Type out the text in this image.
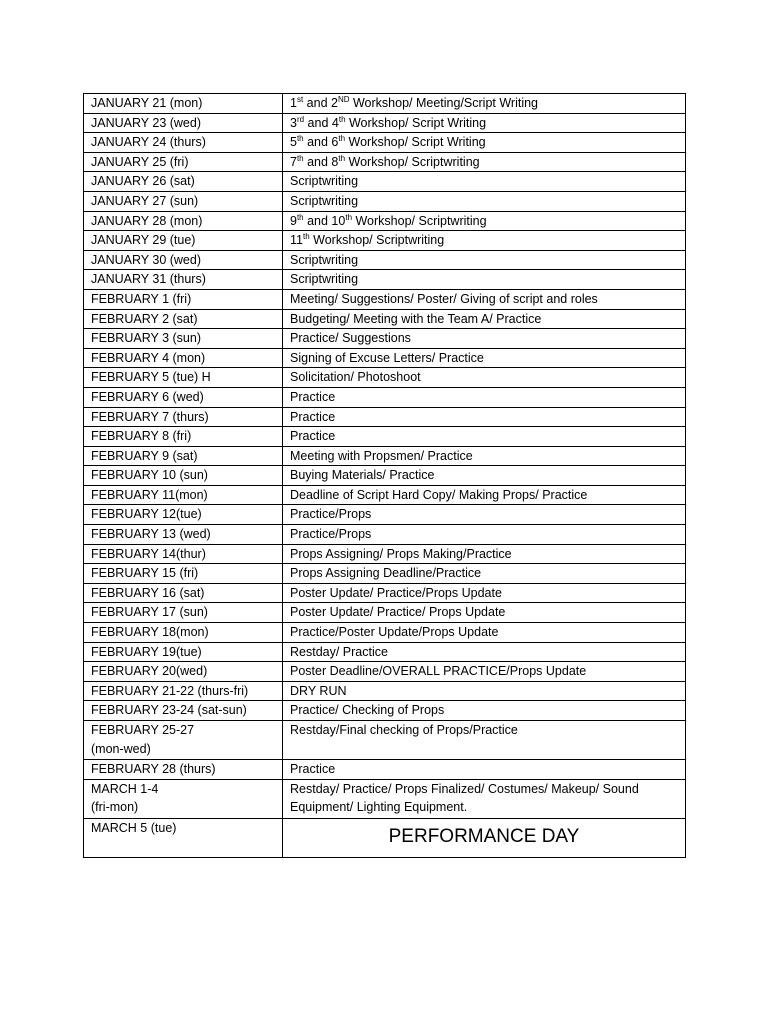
JANUARY 21 (mon)	1st and 2ND Workshop/ Meeting/Script Writing
JANUARY 23 (wed)	3rd and 4th Workshop/ Script Writing
JANUARY 24 (thurs)	5th and 6th Workshop/ Script Writing
JANUARY 25 (fri)	7th and 8th Workshop/ Scriptwriting
JANUARY 26 (sat)	Scriptwriting
JANUARY 27 (sun)	Scriptwriting
JANUARY 28 (mon)	9th and 10th Workshop/ Scriptwriting
JANUARY 29 (tue)	11th Workshop/ Scriptwriting
JANUARY 30 (wed)	Scriptwriting
JANUARY 31 (thurs)	Scriptwriting
FEBRUARY 1 (fri)	Meeting/ Suggestions/ Poster/ Giving of script and roles
FEBRUARY 2 (sat)	Budgeting/ Meeting with the Team A/ Practice
FEBRUARY 3 (sun)	Practice/ Suggestions
FEBRUARY 4 (mon)	Signing of Excuse Letters/ Practice
FEBRUARY 5 (tue) H	Solicitation/ Photoshoot
FEBRUARY 6 (wed)	Practice
FEBRUARY 7 (thurs)	Practice
FEBRUARY 8 (fri)	Practice
FEBRUARY 9 (sat)	Meeting with Propsmen/ Practice
FEBRUARY 10 (sun)	Buying Materials/ Practice
FEBRUARY 11(mon)	Deadline of Script Hard Copy/ Making Props/ Practice
FEBRUARY 12(tue)	Practice/Props
FEBRUARY 13 (wed)	Practice/Props
FEBRUARY 14(thur)	Props Assigning/ Props Making/Practice
FEBRUARY 15 (fri)	Props Assigning Deadline/Practice
FEBRUARY 16 (sat)	Poster Update/ Practice/Props Update
FEBRUARY 17 (sun)	Poster Update/ Practice/ Props Update
FEBRUARY 18(mon)	Practice/Poster Update/Props Update
FEBRUARY 19(tue)	Restday/ Practice
FEBRUARY 20(wed)	Poster Deadline/OVERALL PRACTICE/Props Update
FEBRUARY 21-22 (thurs-fri)	DRY RUN
FEBRUARY 23-24 (sat-sun)	Practice/ Checking of Props
FEBRUARY 25-27
(mon-wed)	Restday/Final checking of Props/Practice
FEBRUARY 28 (thurs)	Practice
MARCH 1-4
(fri-mon)	Restday/ Practice/ Props Finalized/ Costumes/ Makeup/ Sound Equipment/ Lighting Equipment.
MARCH 5 (tue)	PERFORMANCE DAY
